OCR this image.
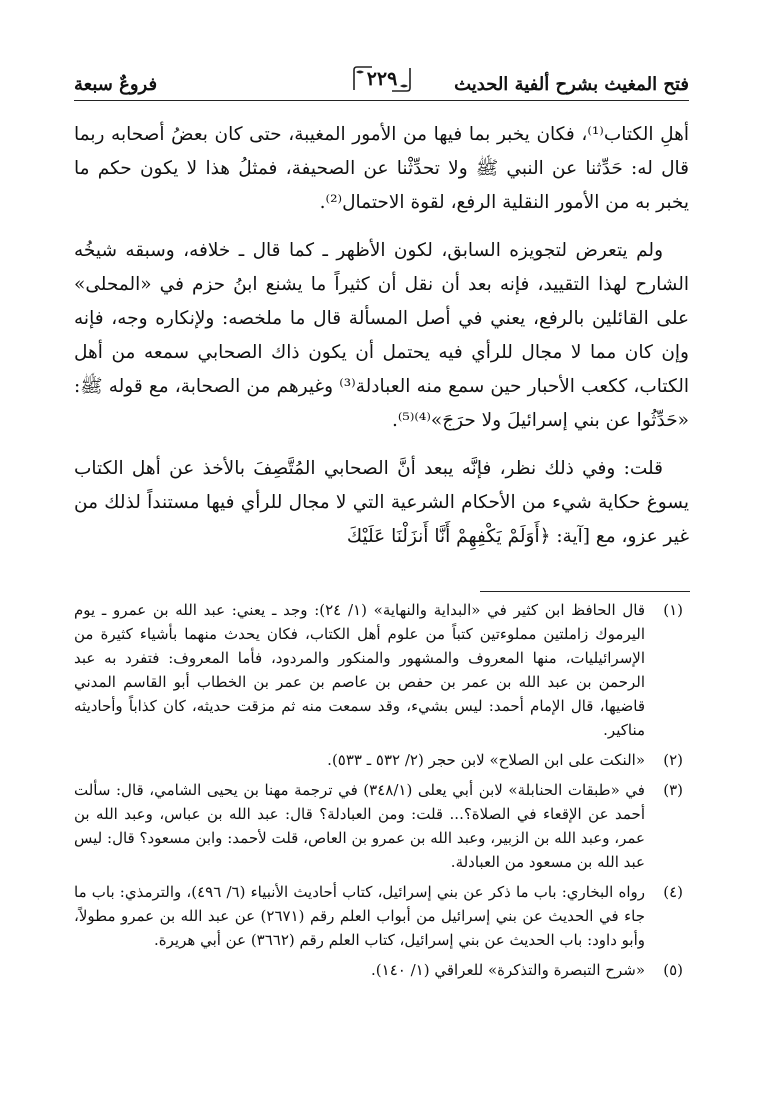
فتح المغيث بشرح ألفية الحديث
٢٢٩
فروعٌ سبعة

أهلِ الكتاب⁽¹⁾، فكان يخبر بما فيها من الأمور المغيبة، حتى كان بعضُ أصحابه ربما قال له: حَدِّثنا عن النبي ﷺ ولا تحدِّثْنا عن الصحيفة، فمثلُ هذا لا يكون حكم ما يخبر به من الأمور النقلية الرفع، لقوة الاحتمال⁽²⁾.

ولم يتعرض لتجويزه السابق، لكون الأظهر ـ كما قال ـ خلافه، وسبقه شيخُه الشارح لهذا التقييد، فإنه بعد أن نقل أن كثيراً ما يشنع ابنُ حزم في «المحلى» على القائلين بالرفع، يعني في أصل المسألة قال ما ملخصه: ولإنكاره وجه، فإنه وإن كان مما لا مجال للرأي فيه يحتمل أن يكون ذاك الصحابي سمعه من أهل الكتاب، ككعب الأحبار حين سمع منه العبادلة⁽³⁾ وغيرهم من الصحابة، مع قوله ﷺ: «حَدِّثُوا عن بني إسرائيلَ ولا حرَجَ»⁽⁴⁾⁽⁵⁾.

قلت: وفي ذلك نظر، فإنَّه يبعد أنَّ الصحابي المُتَّصِفَ بالأخذ عن أهل الكتاب يسوغ حكاية شيء من الأحكام الشرعية التي لا مجال للرأي فيها مستنداً لذلك من غير عزو، مع [آية: ﴿أَوَلَمْ يَكْفِهِمْ أَنَّا أَنزَلْنَا عَلَيْكَ

(١)
قال الحافظ ابن كثير في «البداية والنهاية» (١/ ٢٤): وجد ـ يعني: عبد الله بن عمرو ـ يوم اليرموك زاملتين مملوءتين كتباً من علوم أهل الكتاب، فكان يحدث منهما بأشياء كثيرة من الإسرائيليات، منها المعروف والمشهور والمنكور والمردود، فأما المعروف: فتفرد به عبد الرحمن بن عبد الله بن عمر بن حفص بن عاصم بن عمر بن الخطاب أبو القاسم المدني قاضيها، قال الإمام أحمد: ليس بشيء، وقد سمعت منه ثم مزقت حديثه، كان كذاباً وأحاديثه مناكير.
(٢)
«النكت على ابن الصلاح» لابن حجر (٢/ ٥٣٢ ـ ٥٣٣).
(٣)
في «طبقات الحنابلة» لابن أبي يعلى (٣٤٨/١) في ترجمة مهنا بن يحيى الشامي، قال: سألت أحمد عن الإقعاء في الصلاة؟... قلت: ومن العبادلة؟ قال: عبد الله بن عباس، وعبد الله بن عمر، وعبد الله بن الزبير، وعبد الله بن عمرو بن العاص، قلت لأحمد: وابن مسعود؟ قال: ليس عبد الله بن مسعود من العبادلة.
(٤)
رواه البخاري: باب ما ذكر عن بني إسرائيل، كتاب أحاديث الأنبياء (٦/ ٤٩٦)، والترمذي: باب ما جاء في الحديث عن بني إسرائيل من أبواب العلم رقم (٢٦٧١) عن عبد الله بن عمرو مطولاً، وأبو داود: باب الحديث عن بني إسرائيل، كتاب العلم رقم (٣٦٦٢) عن أبي هريرة.
(٥)
«شرح التبصرة والتذكرة» للعراقي (١/ ١٤٠).
